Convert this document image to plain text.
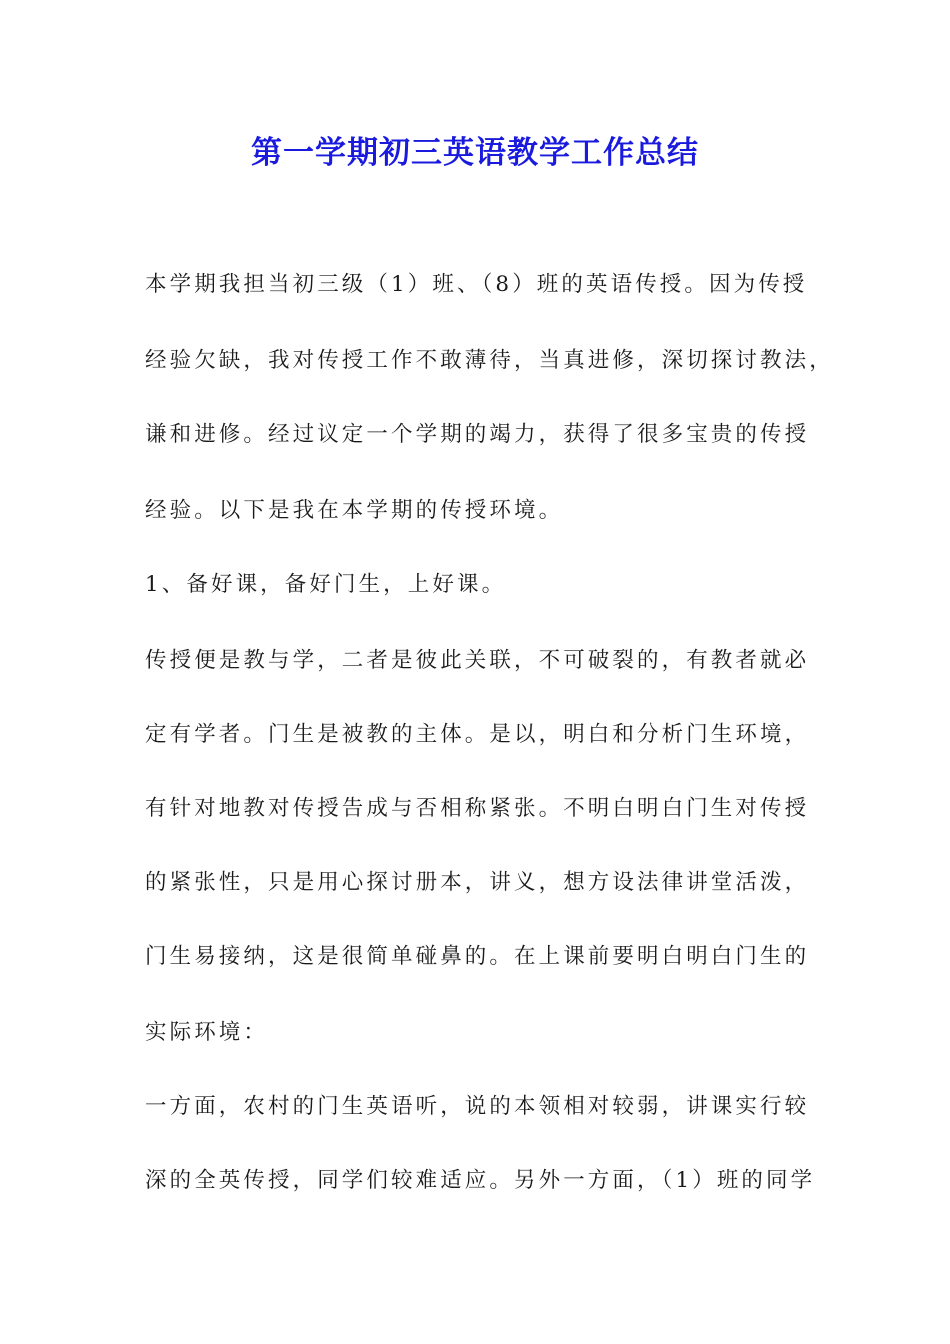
第一学期初三英语教学工作总结
本学期我担当初三级（1）班、（8）班的英语传授。因为传授
经验欠缺，我对传授工作不敢薄待，当真进修，深切探讨教法，
谦和进修。经过议定一个学期的竭力，获得了很多宝贵的传授
经验。以下是我在本学期的传授环境。
1、备好课，备好门生，上好课。
传授便是教与学，二者是彼此关联，不可破裂的，有教者就必
定有学者。门生是被教的主体。是以，明白和分析门生环境，
有针对地教对传授告成与否相称紧张。不明白明白门生对传授
的紧张性，只是用心探讨册本，讲义，想方设法律讲堂活泼，
门生易接纳，这是很简单碰鼻的。在上课前要明白明白门生的
实际环境：
一方面，农村的门生英语听，说的本领相对较弱，讲课实行较
深的全英传授，同学们较难适应。另外一方面，（1）班的同学
